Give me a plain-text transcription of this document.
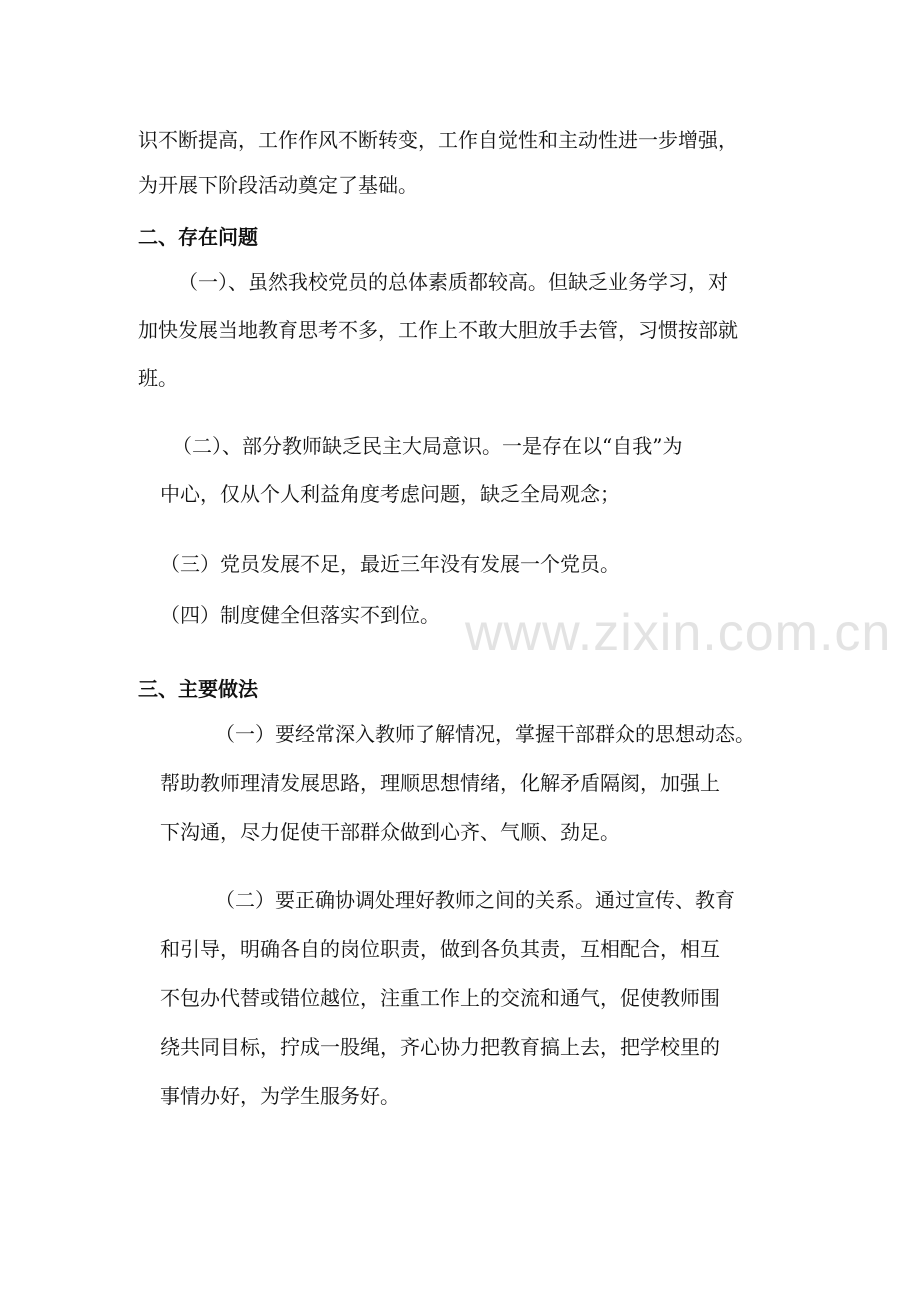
www.zixin.com.cn
识不断提高，工作作风不断转变，工作自觉性和主动性进一步增强，
为开展下阶段活动奠定了基础。
二、存在问题
（一）、虽然我校党员的总体素质都较高。但缺乏业务学习，对
加快发展当地教育思考不多，工作上不敢大胆放手去管，习惯按部就
班。
（二）、部分教师缺乏民主大局意识。一是存在以“自我”为
中心，仅从个人利益角度考虑问题，缺乏全局观念；
（三）党员发展不足，最近三年没有发展一个党员。
（四）制度健全但落实不到位。
三、主要做法
（一）要经常深入教师了解情况，掌握干部群众的思想动态。
帮助教师理清发展思路，理顺思想情绪，化解矛盾隔阂，加强上
下沟通，尽力促使干部群众做到心齐、气顺、劲足。
（二）要正确协调处理好教师之间的关系。通过宣传、教育
和引导，明确各自的岗位职责，做到各负其责，互相配合，相互
不包办代替或错位越位，注重工作上的交流和通气，促使教师围
绕共同目标，拧成一股绳，齐心协力把教育搞上去，把学校里的
事情办好，为学生服务好。
